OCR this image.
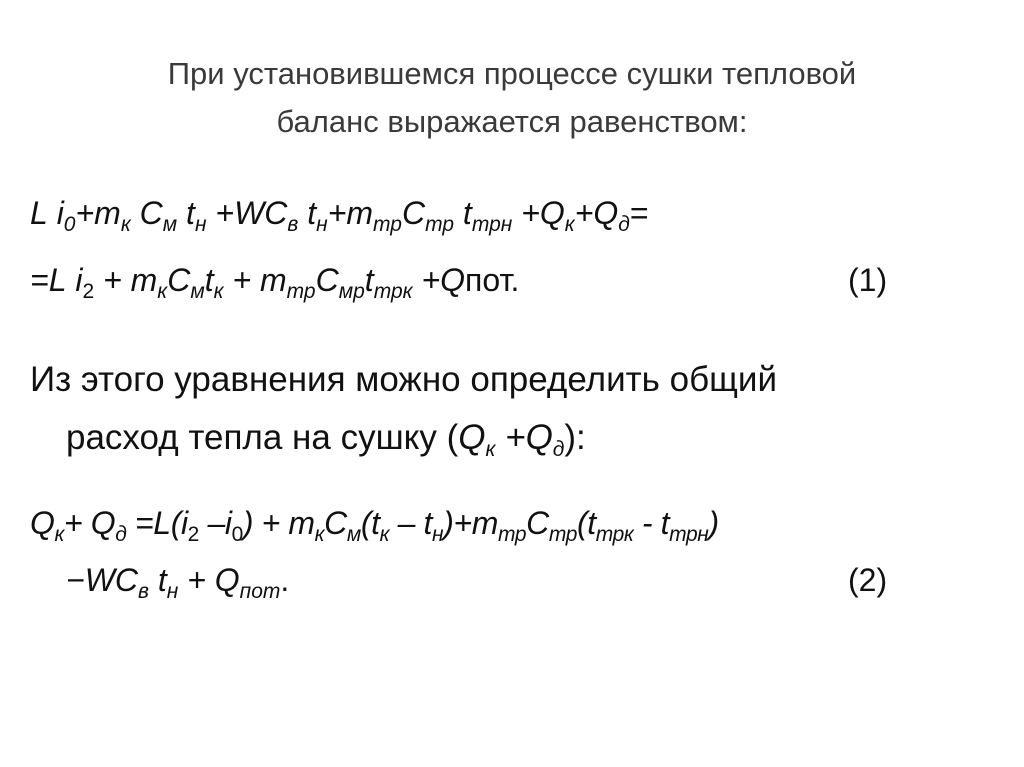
При установившемся процессе сушки тепловой
баланс выражается равенством:
L $i_0+m_к$ $С_м$ $t_н +WC_в$ $t_н+m_{тр}C_{тр}$ $t_{трн} +Q_к+Q_д=$
=L $i_2 + m_кC_мt_к + m_{тр}C_{мр}t_{трк}$ +Qпот.	(1)
Из этого уравнения можно определить общий
расход тепла на сушку $(Q_к +Q_д)$:
$Q_к+ Q_д =L(i_2$ $-i_0) + m_кC_м(t_к - t_н)+m_{тр}C_{тр}(t_{трк} - t_{трн})$
$-WC_в$ $t_н + Q_{пот}$.	(2)
